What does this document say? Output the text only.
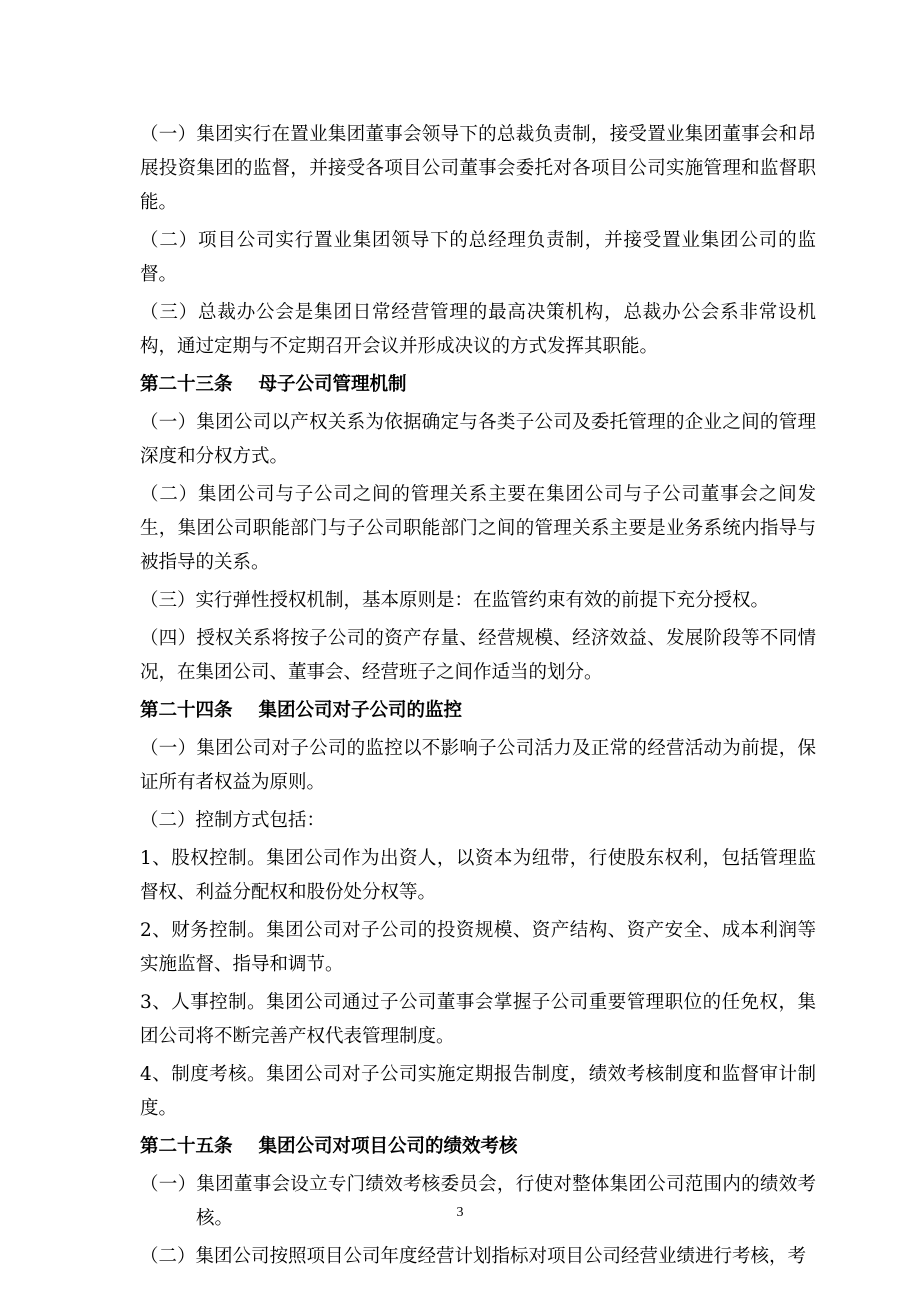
（一）集团实行在置业集团董事会领导下的总裁负责制，接受置业集团董事会和昂展投资集团的监督，并接受各项目公司董事会委托对各项目公司实施管理和监督职能。

（二）项目公司实行置业集团领导下的总经理负责制，并接受置业集团公司的监督。

（三）总裁办公会是集团日常经营管理的最高决策机构，总裁办公会系非常设机构，通过定期与不定期召开会议并形成决议的方式发挥其职能。

第二十三条 母子公司管理机制

（一）集团公司以产权关系为依据确定与各类子公司及委托管理的企业之间的管理深度和分权方式。

（二）集团公司与子公司之间的管理关系主要在集团公司与子公司董事会之间发生，集团公司职能部门与子公司职能部门之间的管理关系主要是业务系统内指导与被指导的关系。

（三）实行弹性授权机制，基本原则是：在监管约束有效的前提下充分授权。

（四）授权关系将按子公司的资产存量、经营规模、经济效益、发展阶段等不同情况，在集团公司、董事会、经营班子之间作适当的划分。

第二十四条 集团公司对子公司的监控

（一）集团公司对子公司的监控以不影响子公司活力及正常的经营活动为前提，保证所有者权益为原则。

（二）控制方式包括：

1、股权控制。集团公司作为出资人，以资本为纽带，行使股东权利，包括管理监督权、利益分配权和股份处分权等。

2、财务控制。集团公司对子公司的投资规模、资产结构、资产安全、成本利润等实施监督、指导和调节。

3、人事控制。集团公司通过子公司董事会掌握子公司重要管理职位的任免权，集团公司将不断完善产权代表管理制度。

4、制度考核。集团公司对子公司实施定期报告制度，绩效考核制度和监督审计制度。

第二十五条 集团公司对项目公司的绩效考核

（一）集团董事会设立专门绩效考核委员会，行使对整体集团公司范围内的绩效考核。

（二）集团公司按照项目公司年度经营计划指标对项目公司经营业绩进行考核，考

3
